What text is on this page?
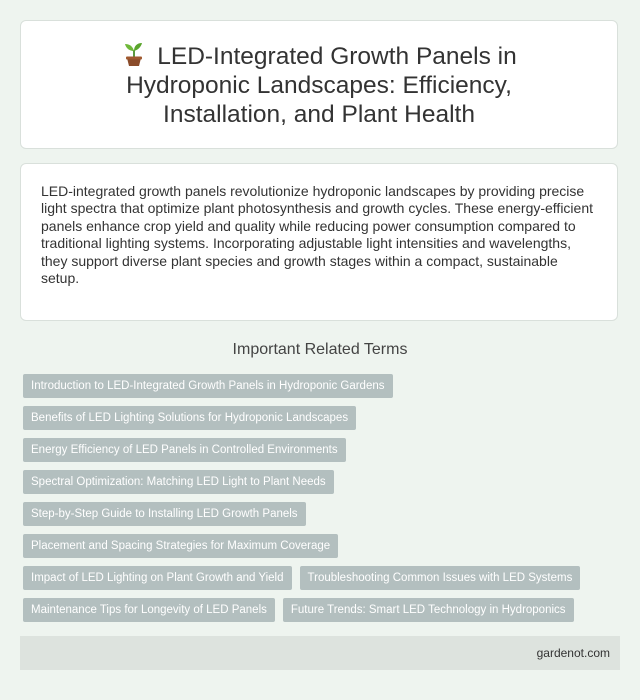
LED-Integrated Growth Panels in Hydroponic Landscapes: Efficiency, Installation, and Plant Health

LED-integrated growth panels revolutionize hydroponic landscapes by providing precise light spectra that optimize plant photosynthesis and growth cycles. These energy-efficient panels enhance crop yield and quality while reducing power consumption compared to traditional lighting systems. Incorporating adjustable light intensities and wavelengths, they support diverse plant species and growth stages within a compact, sustainable setup.

Important Related Terms
Introduction to LED-Integrated Growth Panels in Hydroponic Gardens
Benefits of LED Lighting Solutions for Hydroponic Landscapes
Energy Efficiency of LED Panels in Controlled Environments
Spectral Optimization: Matching LED Light to Plant Needs
Step-by-Step Guide to Installing LED Growth Panels
Placement and Spacing Strategies for Maximum Coverage
Impact of LED Lighting on Plant Growth and Yield	Troubleshooting Common Issues with LED Systems
Maintenance Tips for Longevity of LED Panels	Future Trends: Smart LED Technology in Hydroponics
gardenot.com
